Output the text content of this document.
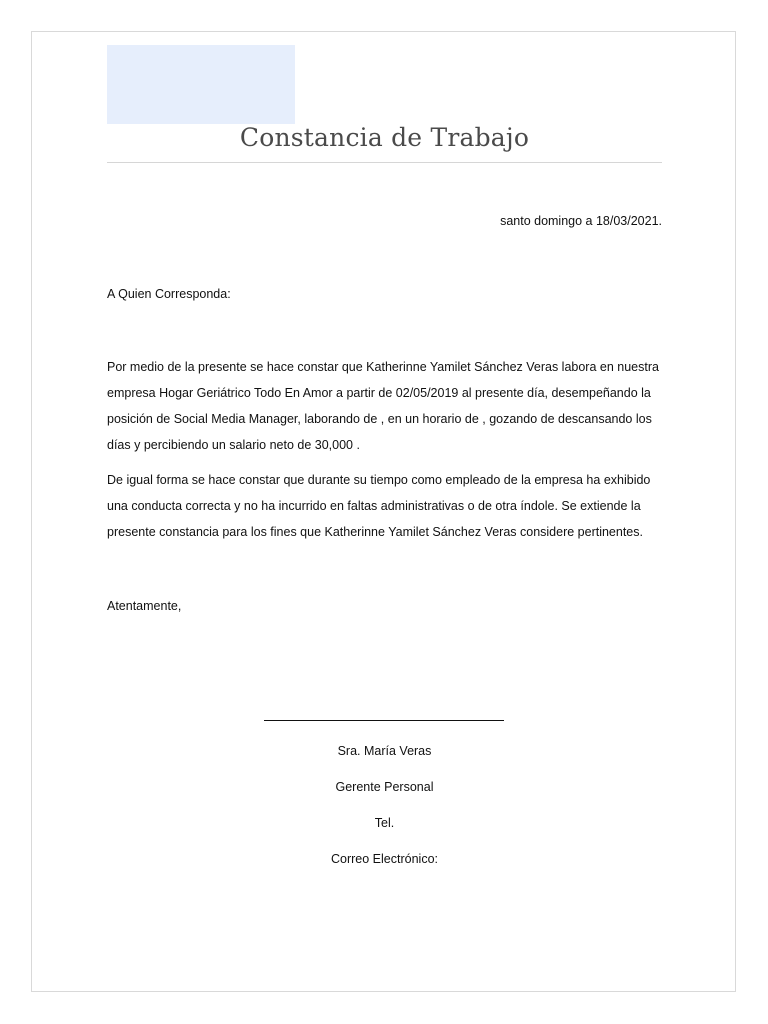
Constancia de Trabajo
santo domingo a 18/03/2021.
A Quien Corresponda:

Por medio de la presente se hace constar que Katherinne Yamilet Sánchez Veras labora en nuestra empresa Hogar Geriátrico Todo En Amor a partir de 02/05/2019 al presente día, desempeñando la posición de Social Media Manager, laborando de , en un horario de , gozando de descansando los días y percibiendo un salario neto de 30,000 .

De igual forma se hace constar que durante su tiempo como empleado de la empresa ha exhibido una conducta correcta y no ha incurrido en faltas administrativas o de otra índole. Se extiende la presente constancia para los fines que Katherinne Yamilet Sánchez Veras considere pertinentes.

Atentamente,
Sra. María Veras
Gerente Personal
Tel.
Correo Electrónico:
